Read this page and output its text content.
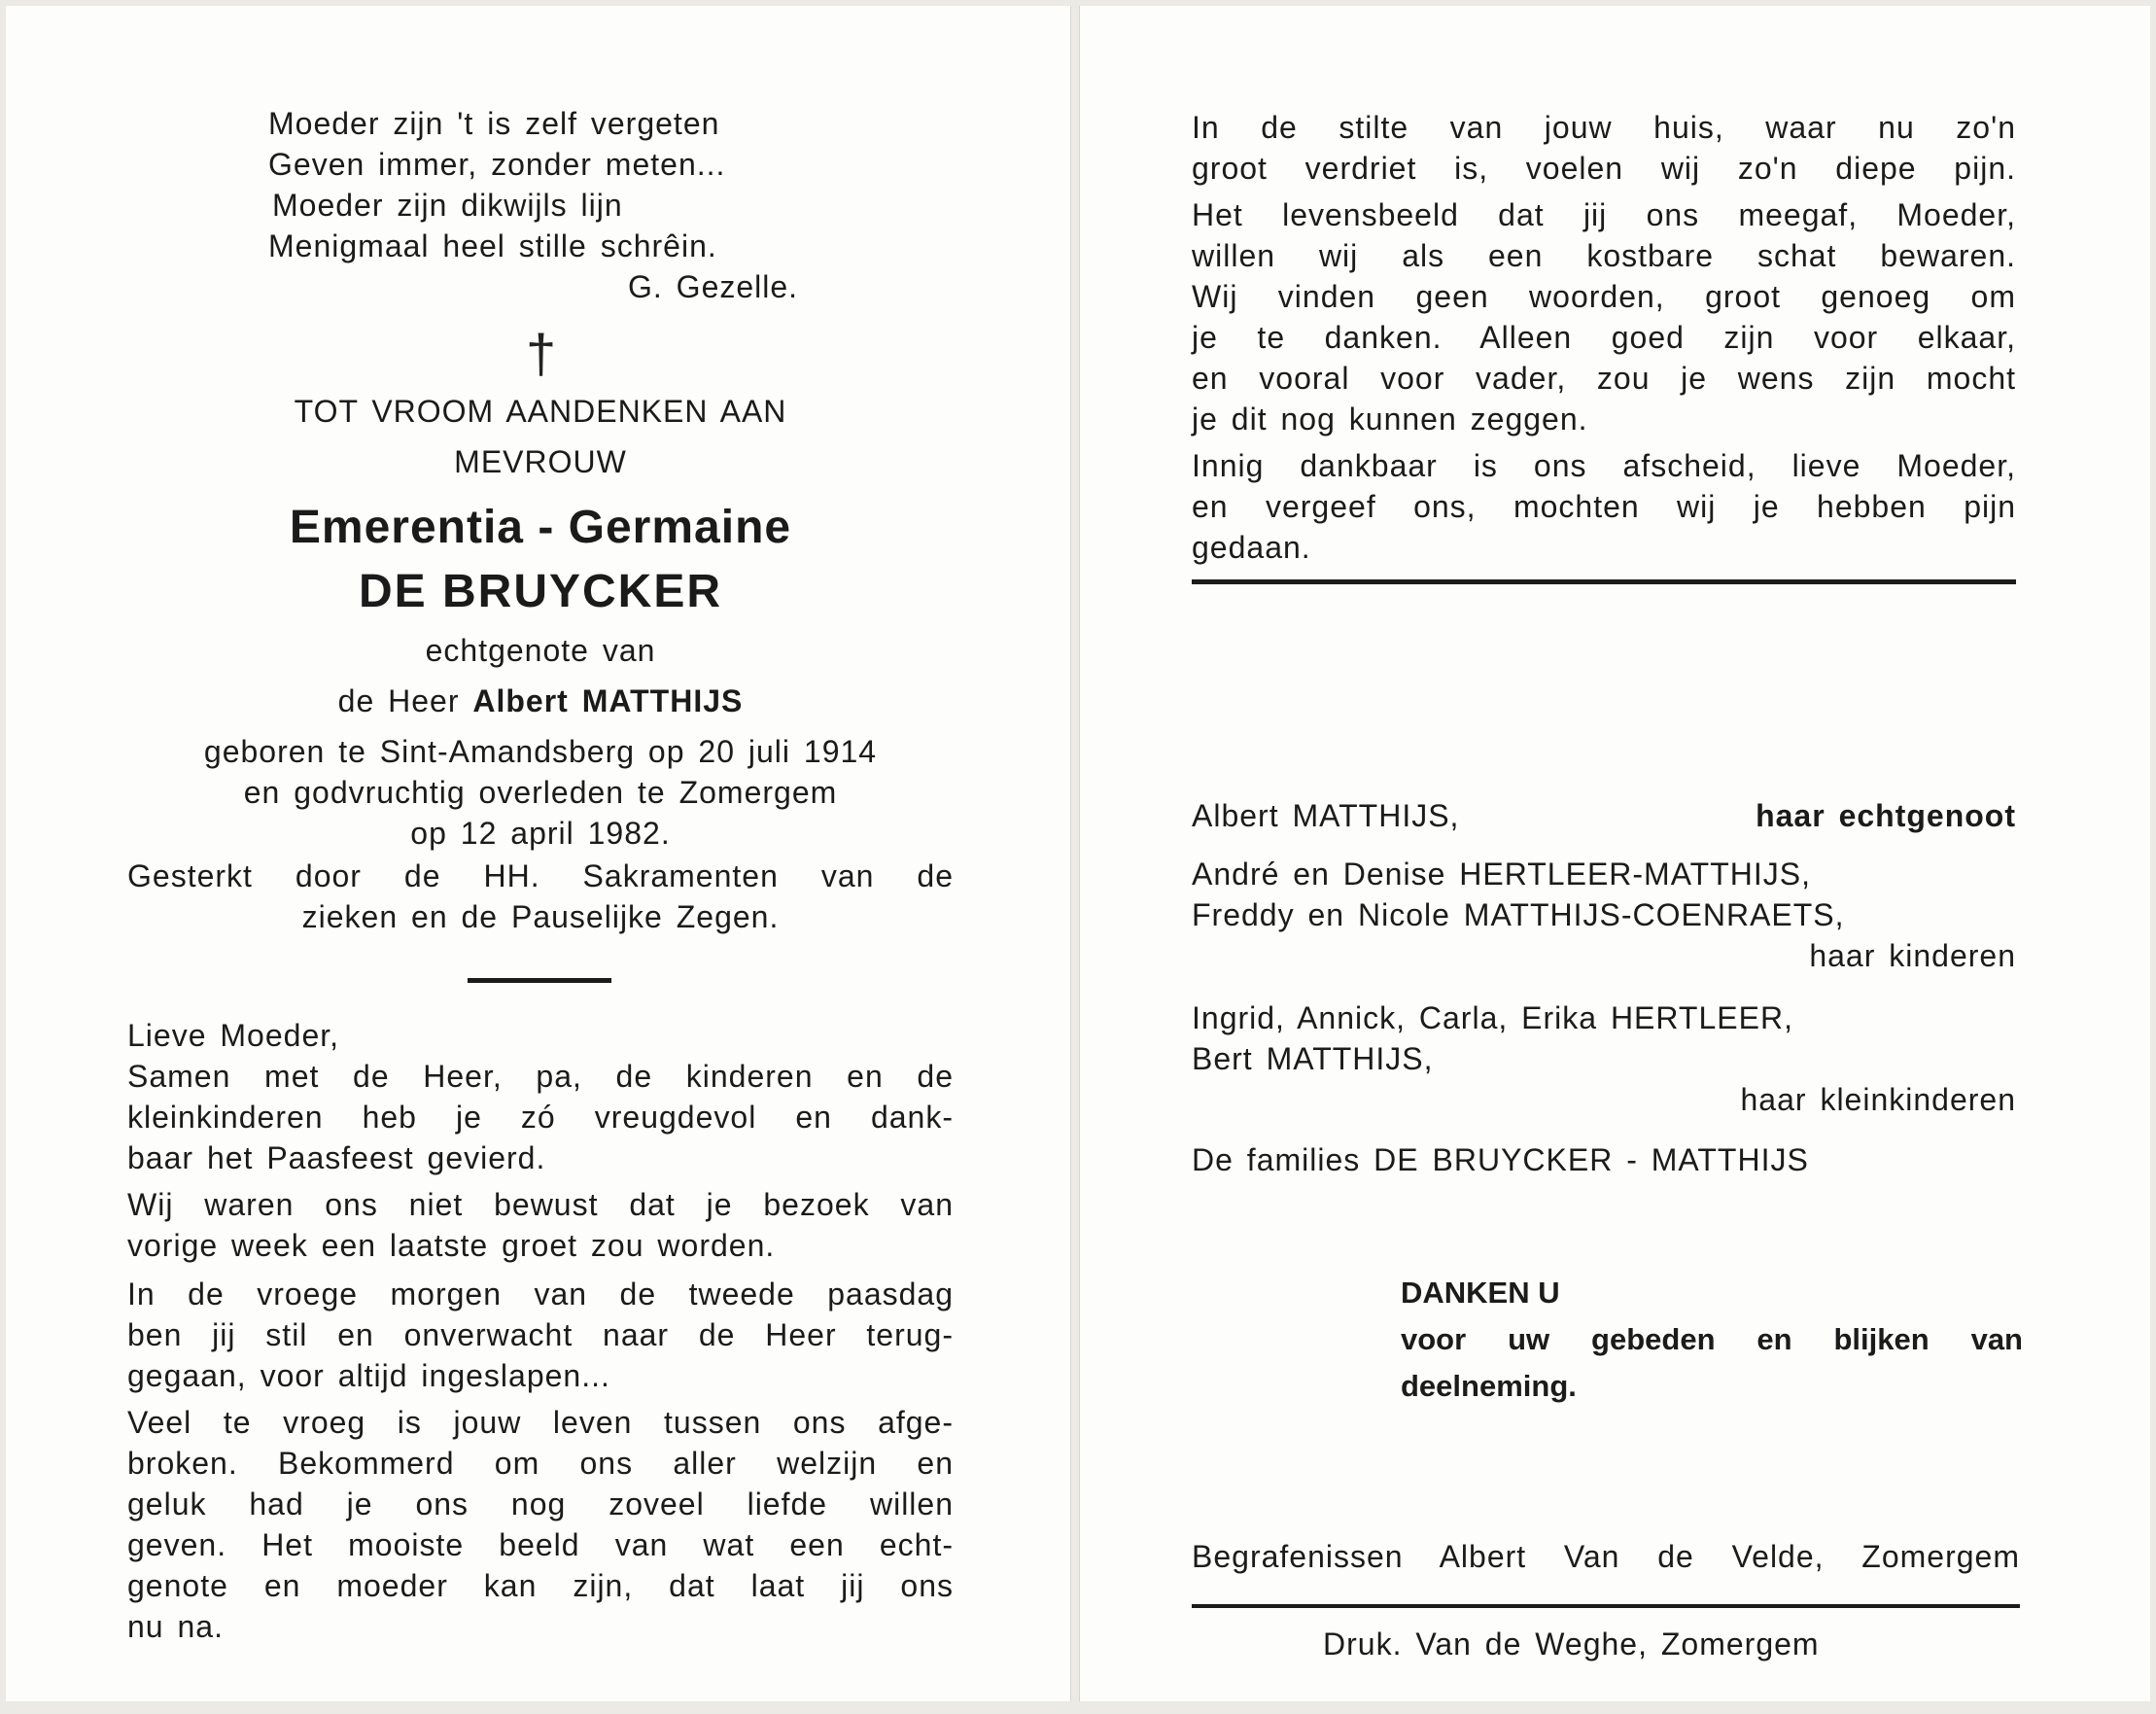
Moeder zijn 't is zelf vergeten
Geven immer, zonder meten...
Moeder zijn dikwijls lijn
Menigmaal heel stille schrêin.
G. Gezelle.
†
TOT VROOM AANDENKEN AAN
MEVROUW
Emerentia - Germaine
DE BRUYCKER
echtgenote van
de Heer Albert MATTHIJS
geboren te Sint-Amandsberg op 20 juli 1914
en godvruchtig overleden te Zomergem
op 12 april 1982.
Gesterkt door de HH. Sakramenten van de
zieken en de Pauselijke Zegen.
Lieve Moeder,
Samen met de Heer, pa, de kinderen en de
kleinkinderen heb je zó vreugdevol en dank-
baar het Paasfeest gevierd.
Wij waren ons niet bewust dat je bezoek van
vorige week een laatste groet zou worden.
In de vroege morgen van de tweede paasdag
ben jij stil en onverwacht naar de Heer terug-
gegaan, voor altijd ingeslapen...
Veel te vroeg is jouw leven tussen ons afge-
broken. Bekommerd om ons aller welzijn en
geluk had je ons nog zoveel liefde willen
geven. Het mooiste beeld van wat een echt-
genote en moeder kan zijn, dat laat jij ons
nu na.
In de stilte van jouw huis, waar nu zo'n
groot verdriet is, voelen wij zo'n diepe pijn.
Het levensbeeld dat jij ons meegaf, Moeder,
willen wij als een kostbare schat bewaren.
Wij vinden geen woorden, groot genoeg om
je te danken. Alleen goed zijn voor elkaar,
en vooral voor vader, zou je wens zijn mocht
je dit nog kunnen zeggen.
Innig dankbaar is ons afscheid, lieve Moeder,
en vergeef ons, mochten wij je hebben pijn
gedaan.
Albert MATTHIJS,	haar echtgenoot
André en Denise HERTLEER-MATTHIJS,
Freddy en Nicole MATTHIJS-COENRAETS,
haar kinderen
Ingrid, Annick, Carla, Erika HERTLEER,
Bert MATTHIJS,
haar kleinkinderen
De families DE BRUYCKER - MATTHIJS
DANKEN U
voor uw gebeden en blijken van
deelneming.
Begrafenissen Albert Van de Velde, Zomergem
Druk. Van de Weghe, Zomergem
